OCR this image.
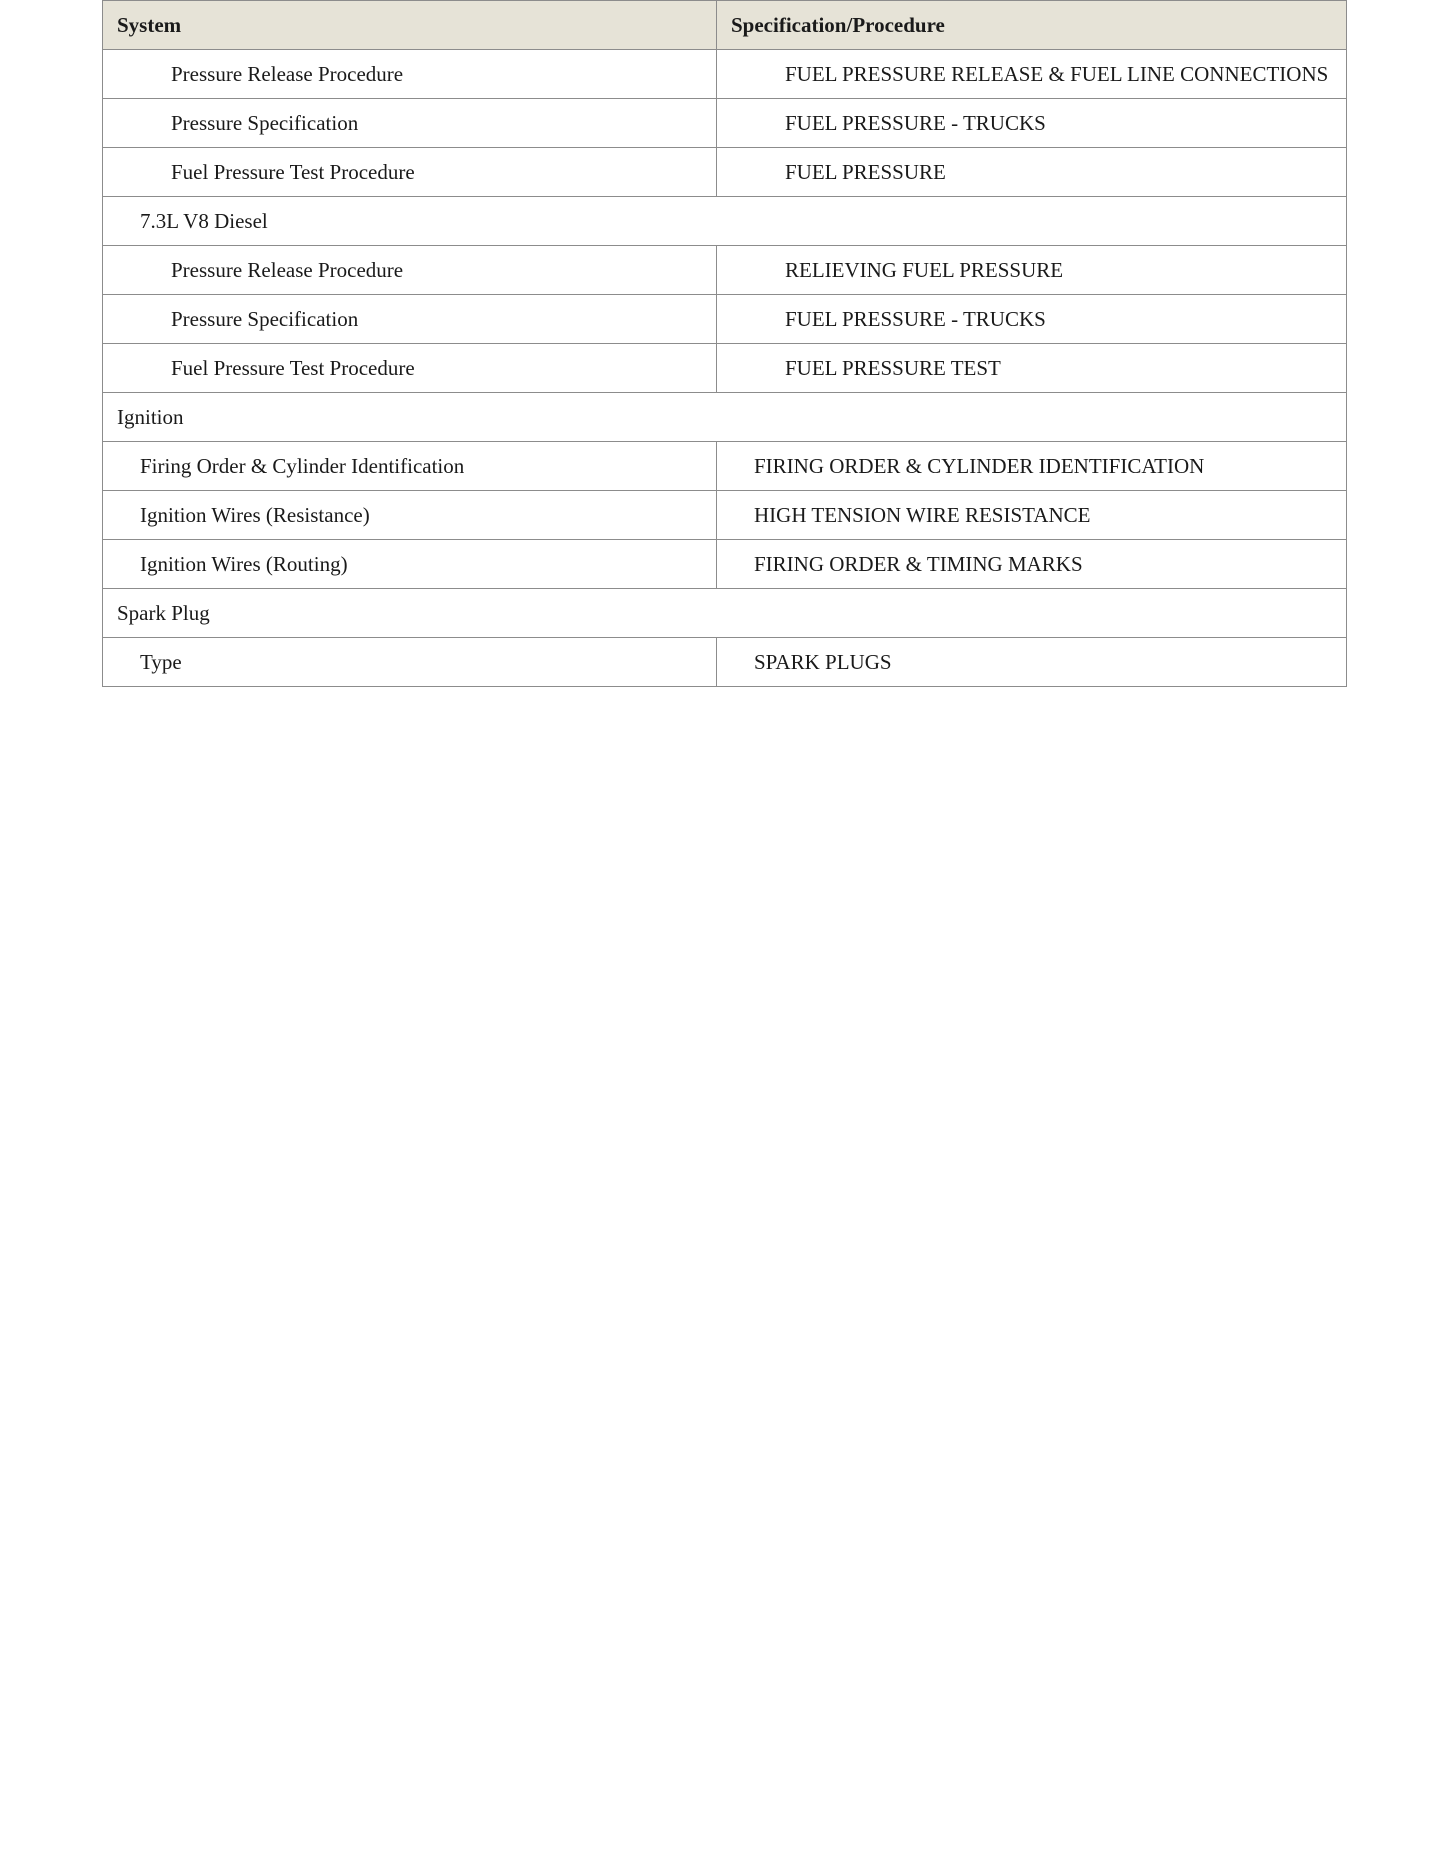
System	Specification/Procedure
Pressure Release Procedure	FUEL PRESSURE RELEASE & FUEL LINE CONNECTIONS
Pressure Specification	FUEL PRESSURE - TRUCKS
Fuel Pressure Test Procedure	FUEL PRESSURE
7.3L V8 Diesel	
Pressure Release Procedure	RELIEVING FUEL PRESSURE
Pressure Specification	FUEL PRESSURE - TRUCKS
Fuel Pressure Test Procedure	FUEL PRESSURE TEST
Ignition	
Firing Order & Cylinder Identification	FIRING ORDER & CYLINDER IDENTIFICATION
Ignition Wires (Resistance)	HIGH TENSION WIRE RESISTANCE
Ignition Wires (Routing)	FIRING ORDER & TIMING MARKS
Spark Plug	
Type	SPARK PLUGS
